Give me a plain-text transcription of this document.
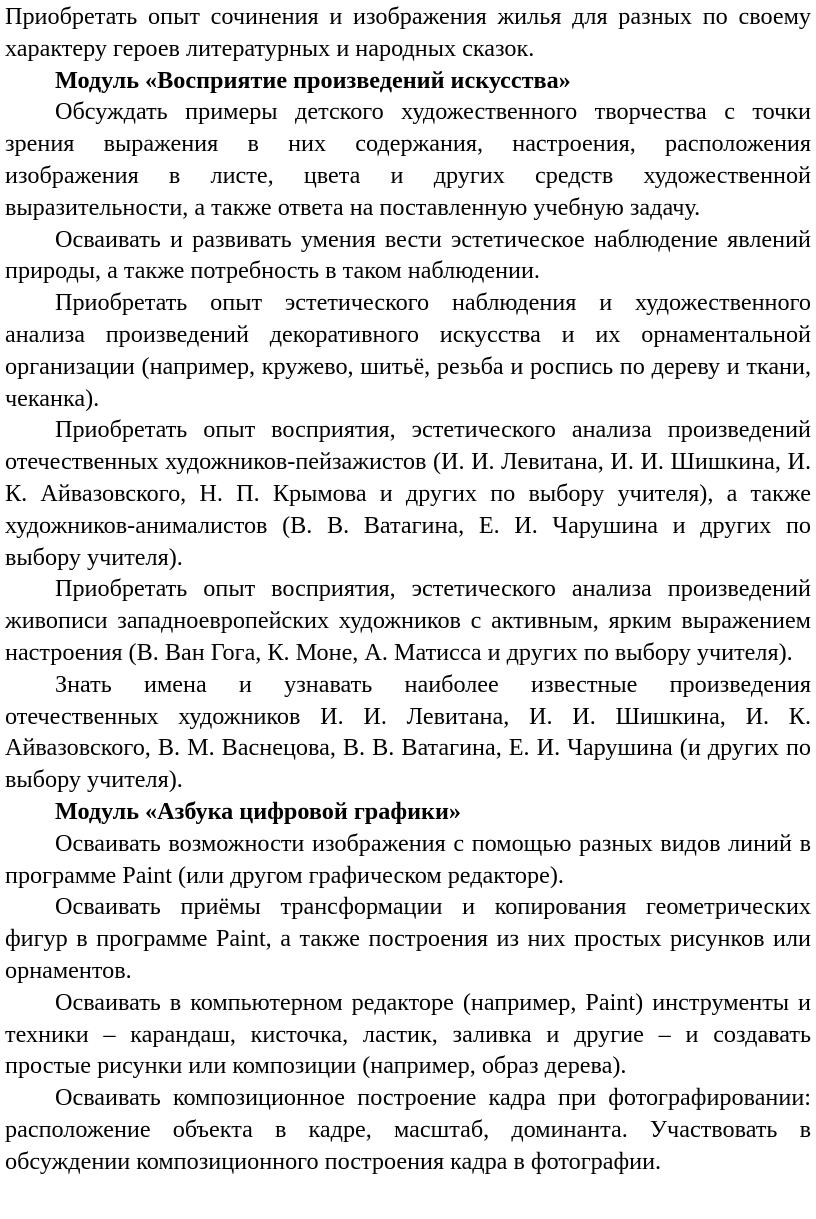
Приобретать опыт сочинения и изображения жилья для разных по своему характеру героев литературных и народных сказок.

Модуль «Восприятие произведений искусства»

Обсуждать примеры детского художественного творчества с точки зрения выражения в них содержания, настроения, расположения изображения в листе, цвета и других средств художественной выразительности, а также ответа на поставленную учебную задачу.

Осваивать и развивать умения вести эстетическое наблюдение явлений природы, а также потребность в таком наблюдении.

Приобретать опыт эстетического наблюдения и художественного анализа произведений декоративного искусства и их орнаментальной организации (например, кружево, шитьё, резьба и роспись по дереву и ткани, чеканка).

Приобретать опыт восприятия, эстетического анализа произведений отечественных художников-пейзажистов (И. И. Левитана, И. И. Шишкина, И. К. Айвазовского, Н. П. Крымова и других по выбору учителя), а также художников-анималистов (В. В. Ватагина, Е. И. Чарушина и других по выбору учителя).

Приобретать опыт восприятия, эстетического анализа произведений живописи западноевропейских художников с активным, ярким выражением настроения (В. Ван Гога, К. Моне, А. Матисса и других по выбору учителя).

Знать имена и узнавать наиболее известные произведения отечественных художников И. И. Левитана, И. И. Шишкина, И. К. Айвазовского, В. М. Васнецова, В. В. Ватагина, Е. И. Чарушина (и других по выбору учителя).

Модуль «Азбука цифровой графики»

Осваивать возможности изображения с помощью разных видов линий в программе Paint (или другом графическом редакторе).

Осваивать приёмы трансформации и копирования геометрических фигур в программе Paint, а также построения из них простых рисунков или орнаментов.

Осваивать в компьютерном редакторе (например, Paint) инструменты и техники – карандаш, кисточка, ластик, заливка и другие – и создавать простые рисунки или композиции (например, образ дерева).

Осваивать композиционное построение кадра при фотографировании: расположение объекта в кадре, масштаб, доминанта. Участвовать в обсуждении композиционного построения кадра в фотографии.
